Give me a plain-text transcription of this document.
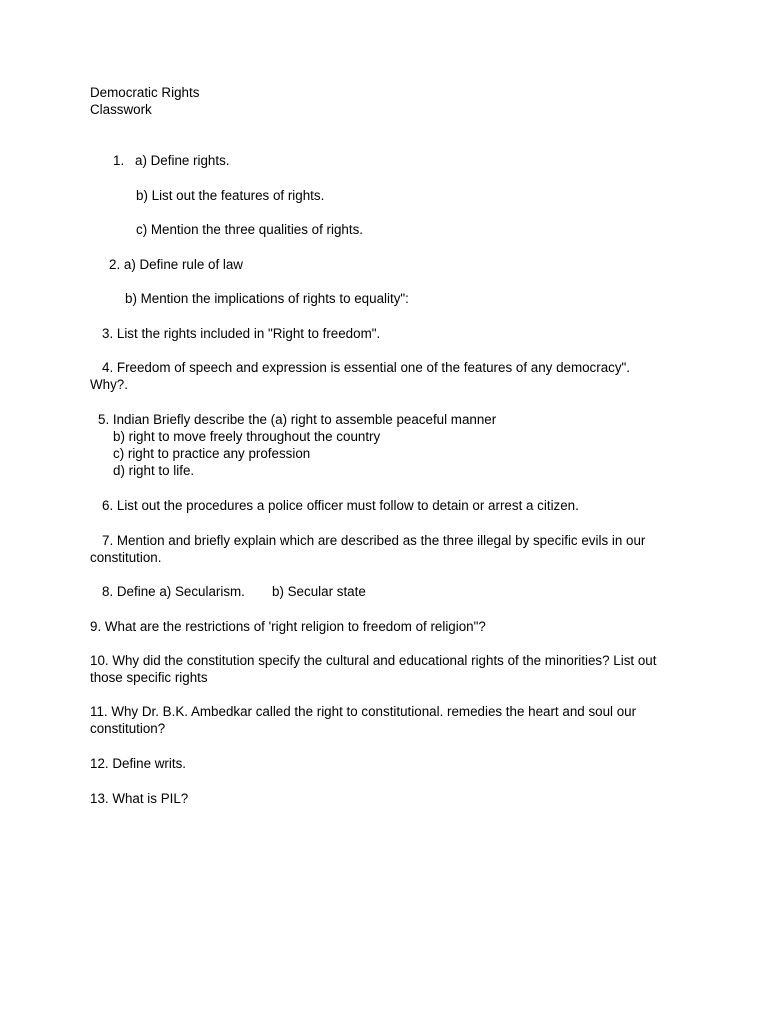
Democratic Rights

Classwork

1. a) Define rights.

b) List out the features of rights.

c) Mention the three qualities of rights.

2. a) Define rule of law

b) Mention the implications of rights to equality":

3. List the rights included in "Right to freedom".

4. Freedom of speech and expression is essential one of the features of any democracy". Why?.

5. Indian Briefly describe the (a) right to assemble peaceful manner

b) right to move freely throughout the country

c) right to practice any profession

d) right to life.

6. List out the procedures a police officer must follow to detain or arrest a citizen.

7. Mention and briefly explain which are described as the three illegal by specific evils in our constitution.

8. Define a) Secularism. b) Secular state

9. What are the restrictions of 'right religion to freedom of religion"?

10. Why did the constitution specify the cultural and educational rights of the minorities? List out those specific rights

11. Why Dr. B.K. Ambedkar called the right to constitutional. remedies the heart and soul our constitution?

12. Define writs.

13. What is PIL?
